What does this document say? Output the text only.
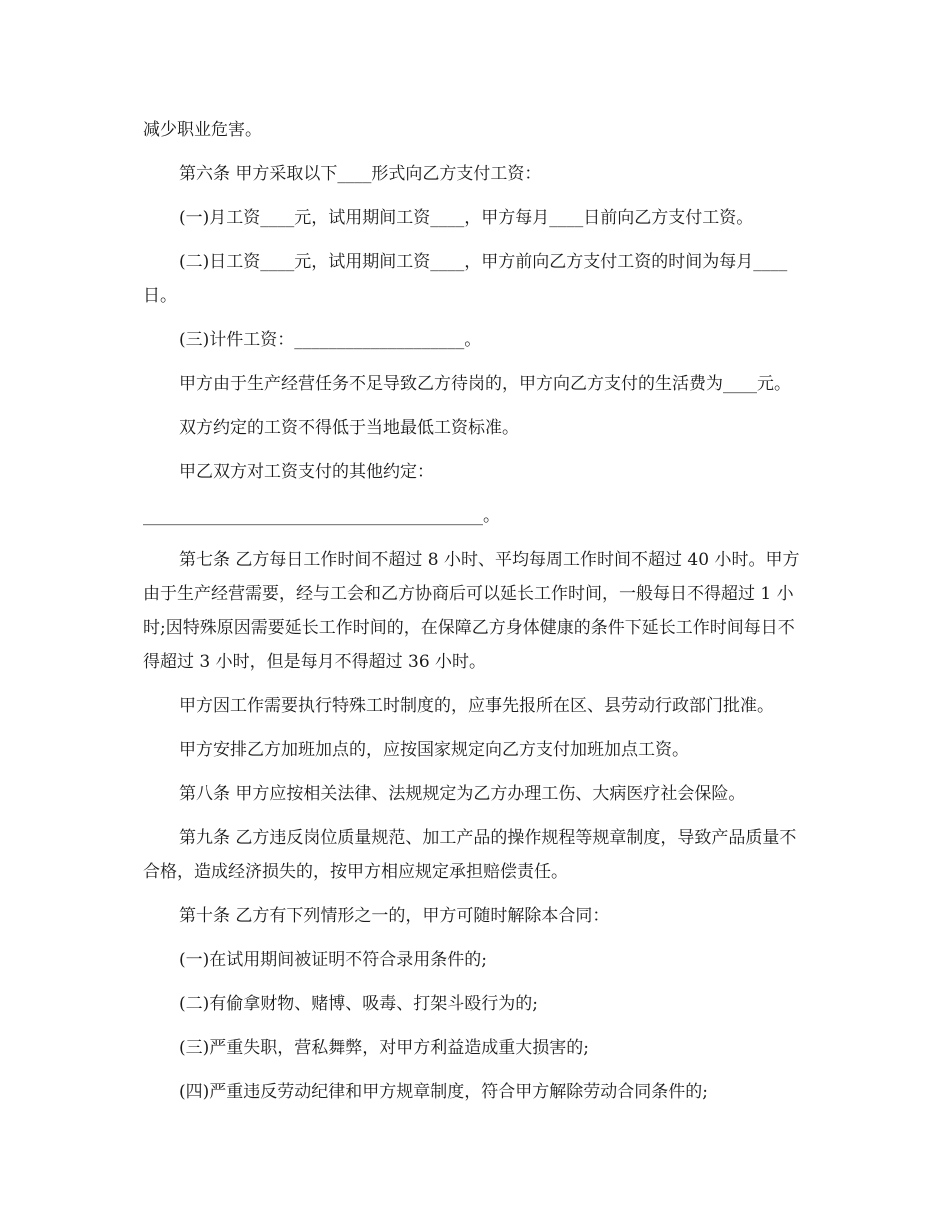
减少职业危害。

第六条 甲方采取以下____形式向乙方支付工资：

(一)月工资____元，试用期间工资____，甲方每月____日前向乙方支付工资。

(二)日工资____元，试用期间工资____，甲方前向乙方支付工资的时间为每月____日。

(三)计件工资：____________________。

甲方由于生产经营任务不足导致乙方待岗的，甲方向乙方支付的生活费为____元。

双方约定的工资不得低于当地最低工资标准。

甲乙双方对工资支付的其他约定：

________________________________________。

第七条 乙方每日工作时间不超过 8 小时、平均每周工作时间不超过 40 小时。甲方由于生产经营需要，经与工会和乙方协商后可以延长工作时间，一般每日不得超过 1 小时;因特殊原因需要延长工作时间的，在保障乙方身体健康的条件下延长工作时间每日不得超过 3 小时，但是每月不得超过 36 小时。

甲方因工作需要执行特殊工时制度的，应事先报所在区、县劳动行政部门批准。

甲方安排乙方加班加点的，应按国家规定向乙方支付加班加点工资。

第八条 甲方应按相关法律、法规规定为乙方办理工伤、大病医疗社会保险。

第九条 乙方违反岗位质量规范、加工产品的操作规程等规章制度，导致产品质量不合格，造成经济损失的，按甲方相应规定承担赔偿责任。

第十条 乙方有下列情形之一的，甲方可随时解除本合同：

(一)在试用期间被证明不符合录用条件的;

(二)有偷拿财物、赌博、吸毒、打架斗殴行为的;

(三)严重失职，营私舞弊，对甲方利益造成重大损害的;

(四)严重违反劳动纪律和甲方规章制度，符合甲方解除劳动合同条件的;
